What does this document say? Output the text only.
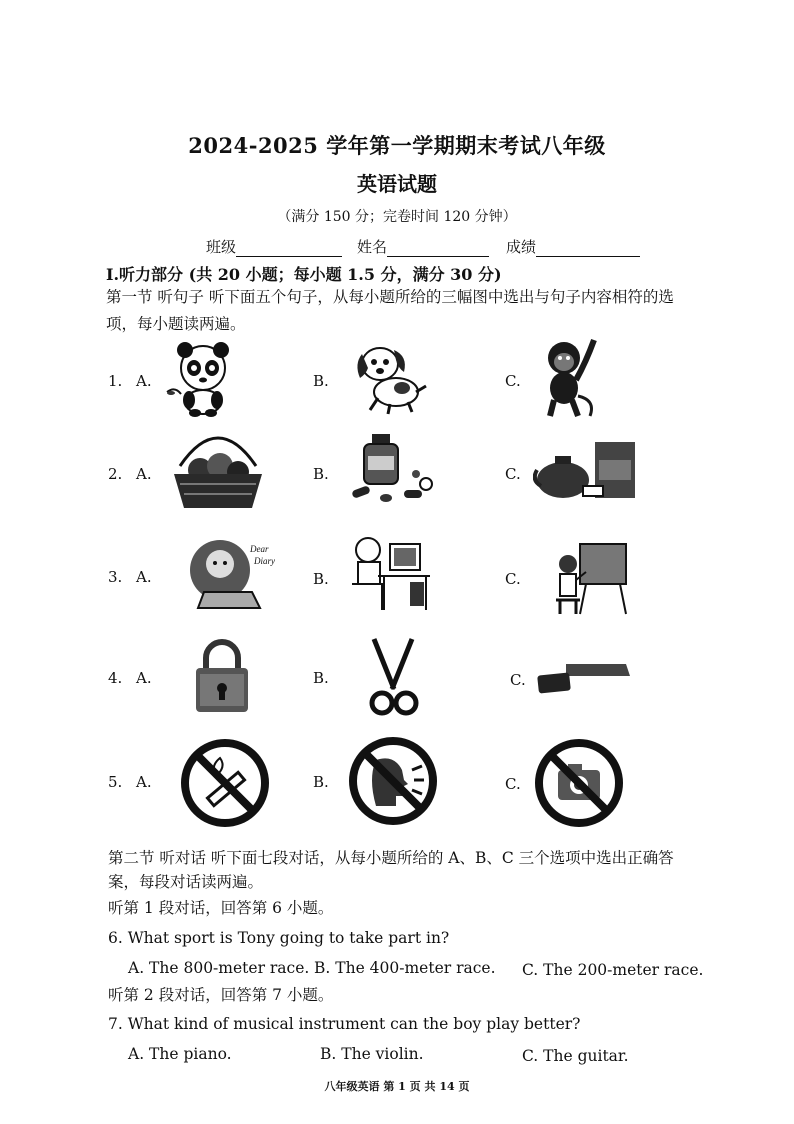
2024-2025 学年第一学期期末考试八年级
英语试题
（满分 150 分；完卷时间 120 分钟）
班级	姓名	成绩
I.听力部分 (共 20 小题；每小题 1.5 分，满分 30 分)
第一节 听句子 听下面五个句子，从每小题所给的三幅图中选出与句子内容相符的选
项，每小题读两遍。
1. A.	B.	C.
2. A.	B.	C.
3. A.	B.	C.
Dear
Diary
4. A.	B.	C.
5. A.	B.	C.
第二节 听对话 听下面七段对话，从每小题所给的 A、B、C 三个选项中选出正确答
案，每段对话读两遍。
听第 1 段对话，回答第 6 小题。
6. What sport is Tony going to take part in?
A. The 800-meter race. B. The 400-meter race. C. The 200-meter race.
听第 2 段对话，回答第 7 小题。
7. What kind of musical instrument can the boy play better?
A. The piano.	B. The violin.	C. The guitar.
八年级英语 第 1 页 共 14 页
